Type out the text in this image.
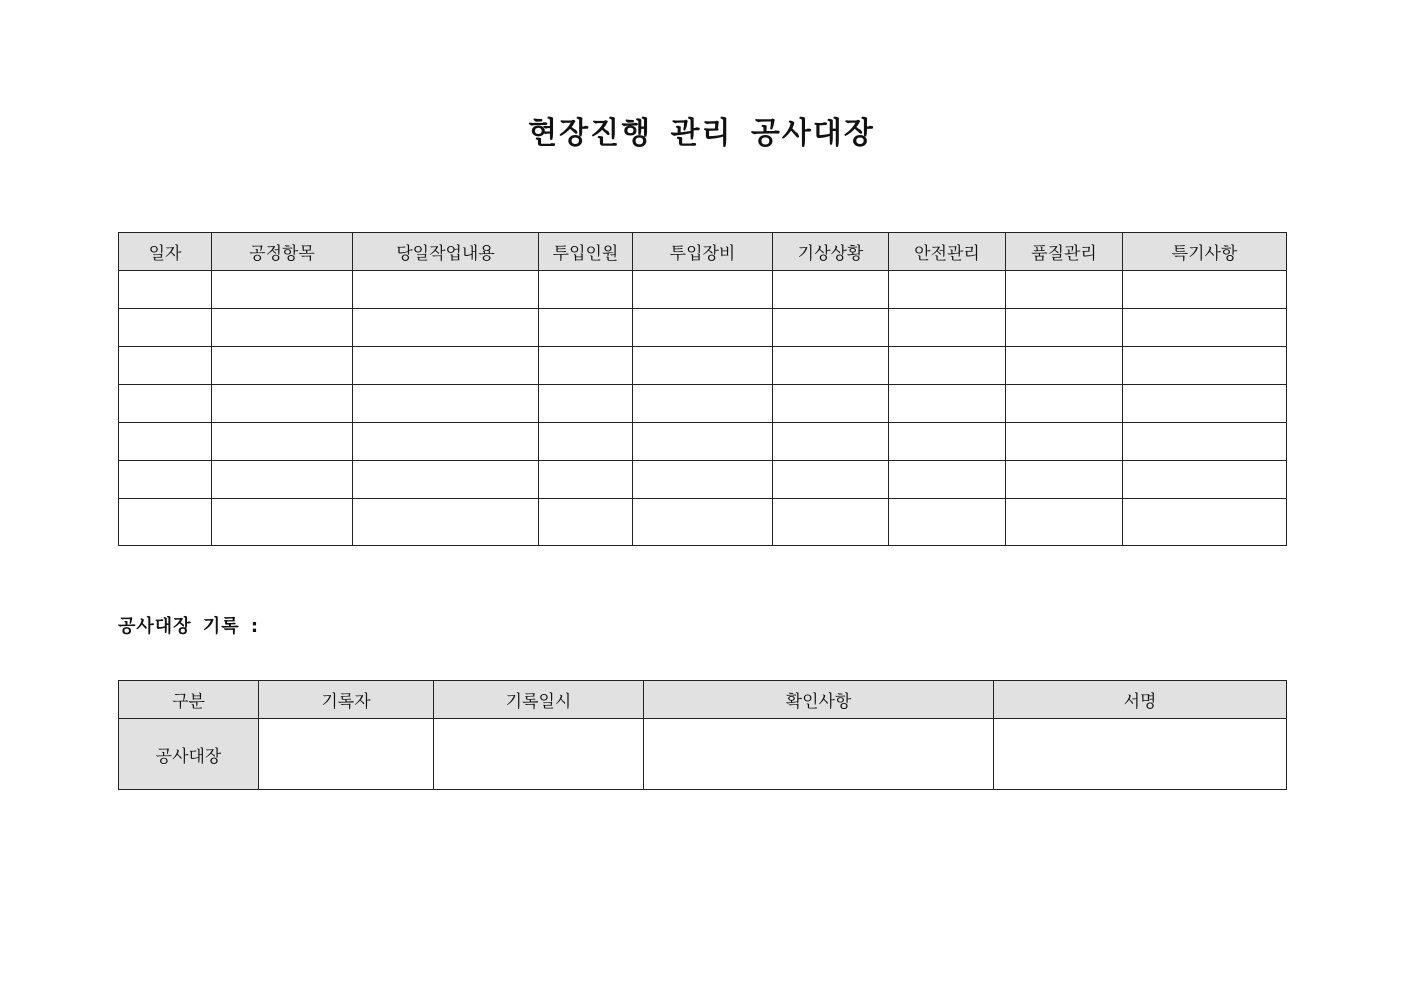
현장진행 관리 공사대장
일자	공정항목	당일작업내용	투입인원	투입장비	기상상황	안전관리	품질관리	특기사항

공사대장 기록 :
구분	기록자	기록일시	확인사항	서명
공사대장				
